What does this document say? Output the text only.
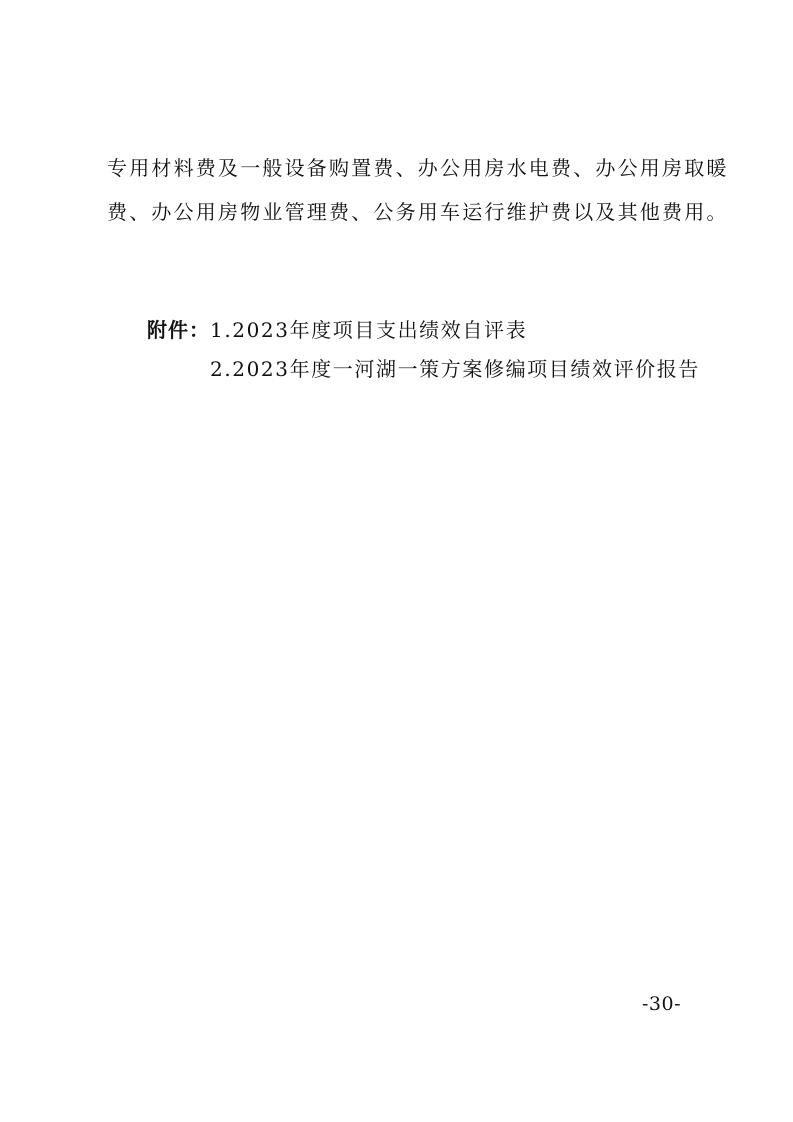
专用材料费及一般设备购置费、办公用房水电费、办公用房取暖
费、办公用房物业管理费、公务用车运行维护费以及其他费用。
附件：1.2023年度项目支出绩效自评表
2.2023年度一河湖一策方案修编项目绩效评价报告
-30-
